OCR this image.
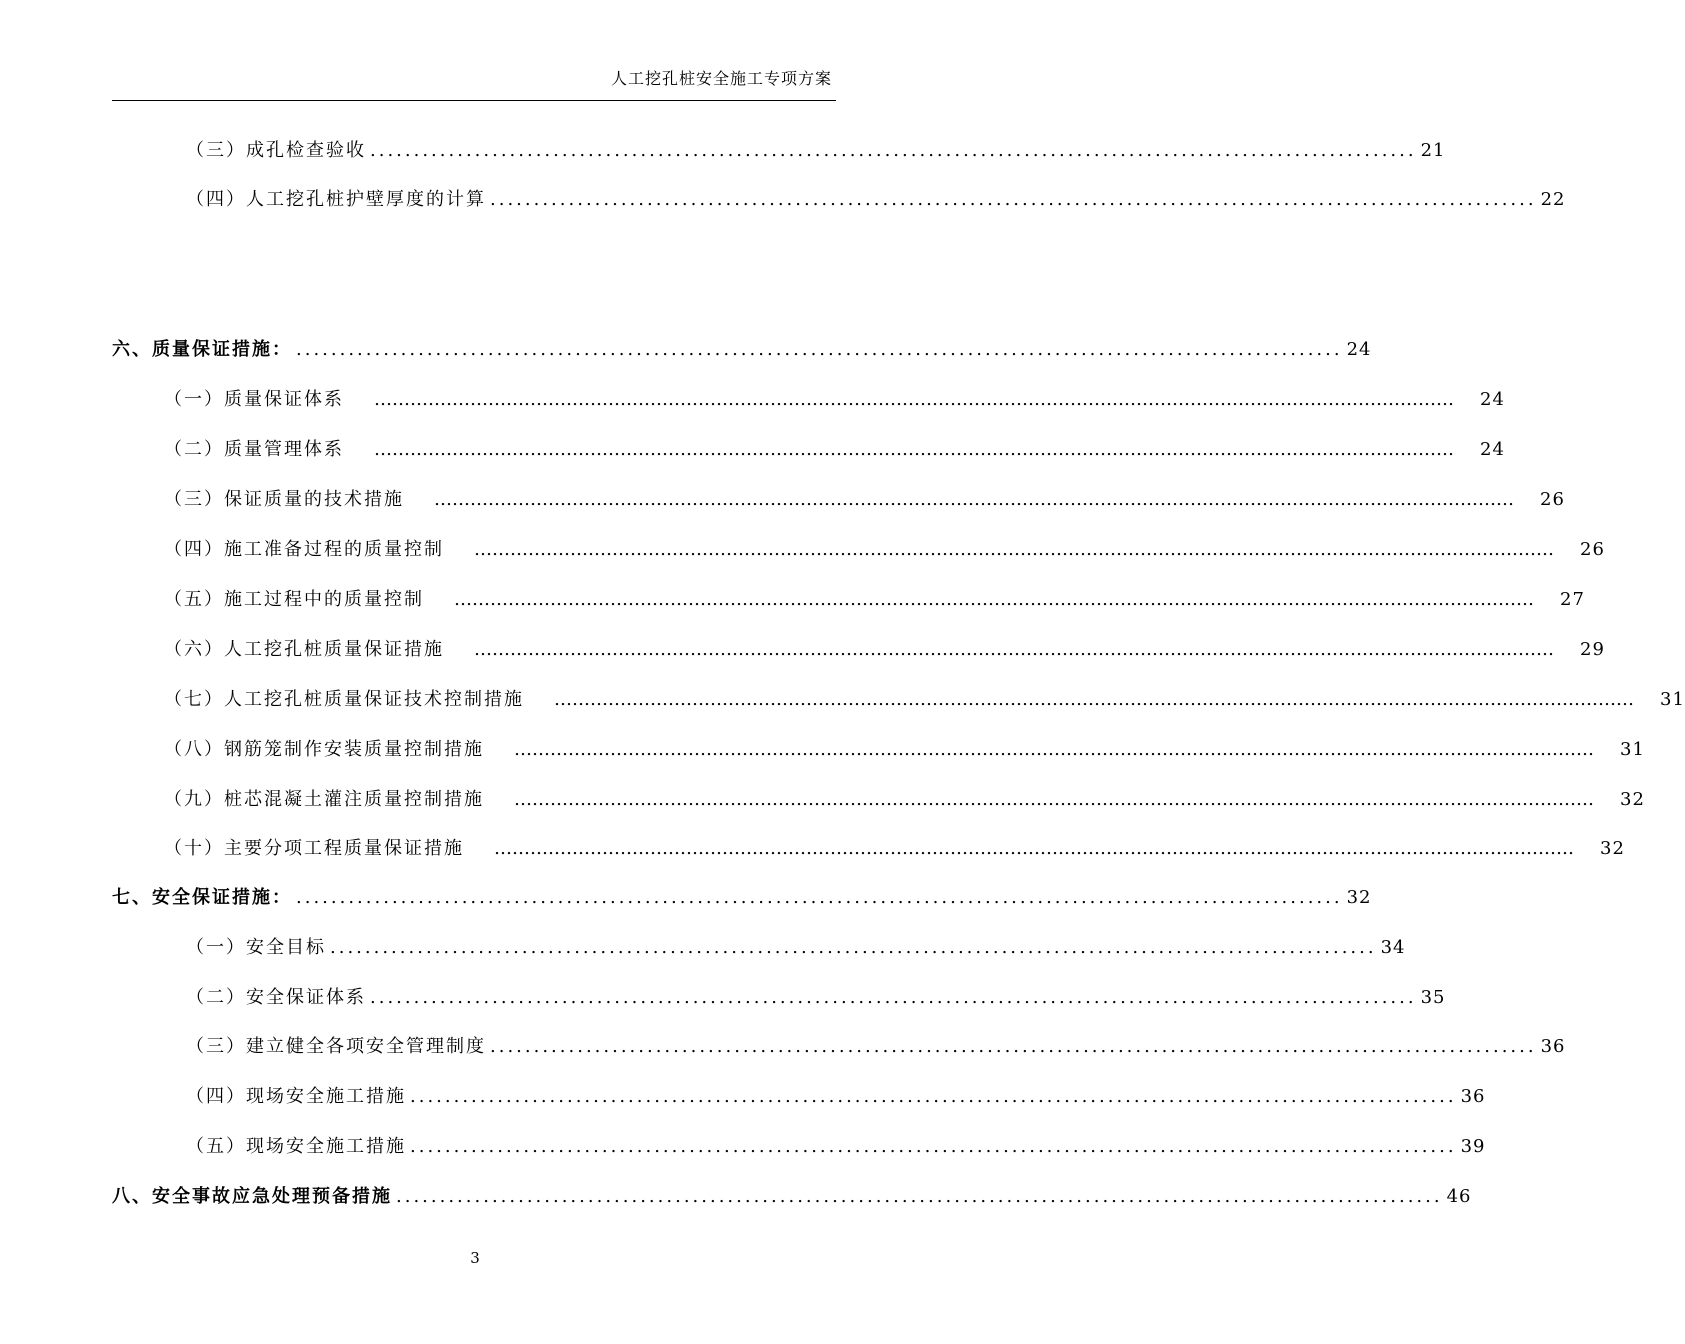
人工挖孔桩安全施工专项方案
（三）成孔检查验收 ........................................................................................................................ 21
（四）人工挖孔桩护壁厚度的计算 ........................................................................................................................ 22
六、质量保证措施： ........................................................................................................................ 24
（一）质量保证体系 ……………………………………………………………………………………………………………………………………………………………… 24
（二）质量管理体系 ……………………………………………………………………………………………………………………………………………………………… 24
（三）保证质量的技术措施 ……………………………………………………………………………………………………………………………………………………………… 26
（四）施工准备过程的质量控制 ……………………………………………………………………………………………………………………………………………………………… 26
（五）施工过程中的质量控制 ……………………………………………………………………………………………………………………………………………………………… 27
（六）人工挖孔桩质量保证措施 ……………………………………………………………………………………………………………………………………………………………… 29
（七）人工挖孔桩质量保证技术控制措施 ……………………………………………………………………………………………………………………………………………………………… 31
（八）钢筋笼制作安装质量控制措施 ……………………………………………………………………………………………………………………………………………………………… 31
（九）桩芯混凝土灌注质量控制措施 ……………………………………………………………………………………………………………………………………………………………… 32
（十）主要分项工程质量保证措施 ……………………………………………………………………………………………………………………………………………………………… 32
七、安全保证措施： ........................................................................................................................ 32
（一）安全目标 ........................................................................................................................ 34
（二）安全保证体系 ........................................................................................................................ 35
（三）建立健全各项安全管理制度 ........................................................................................................................ 36
（四）现场安全施工措施 ........................................................................................................................ 36
（五）现场安全施工措施 ........................................................................................................................ 39
八、安全事故应急处理预备措施 ........................................................................................................................ 46
3
